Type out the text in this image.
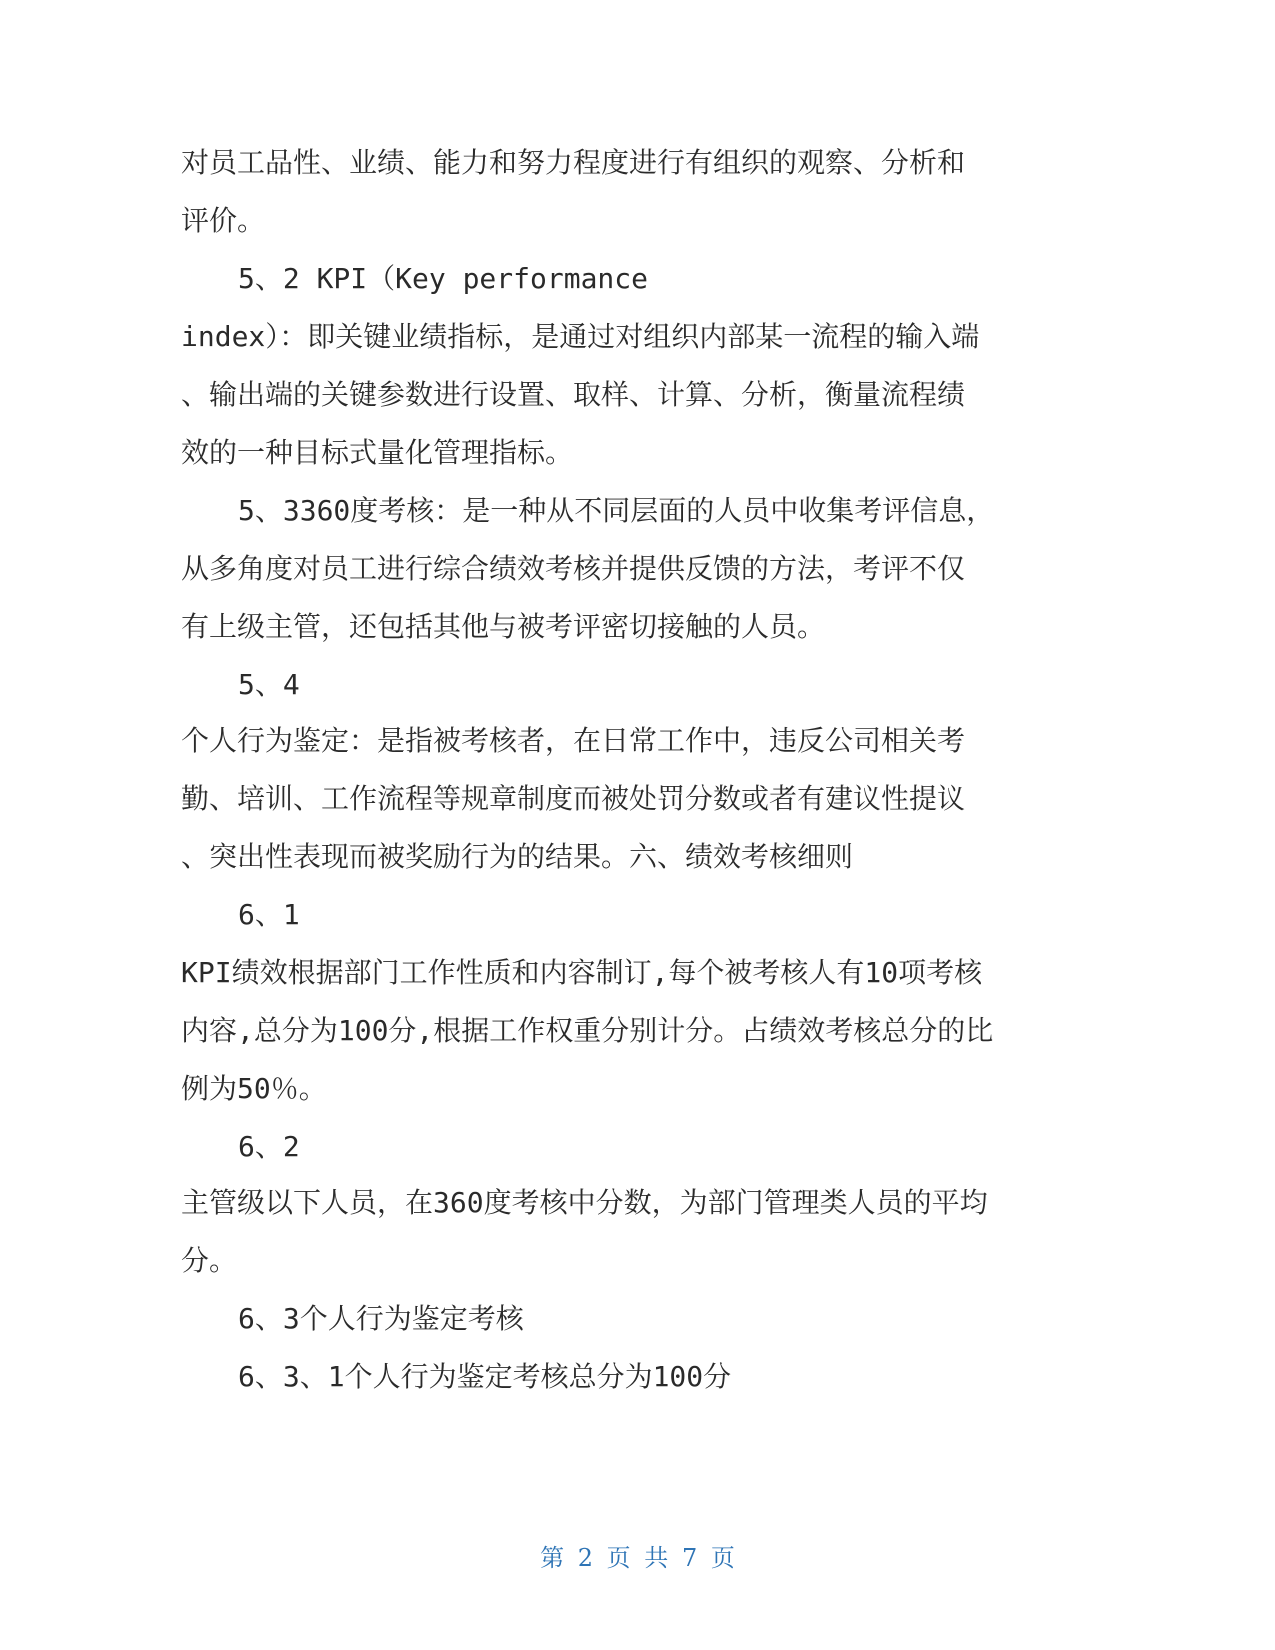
对员工品性、业绩、能力和努力程度进行有组织的观察、分析和
评价。
5、2 KPI（Key performance
index）：即关键业绩指标，是通过对组织内部某一流程的输入端
、输出端的关键参数进行设置、取样、计算、分析，衡量流程绩
效的一种目标式量化管理指标。
5、3360度考核：是一种从不同层面的人员中收集考评信息，
从多角度对员工进行综合绩效考核并提供反馈的方法，考评不仅
有上级主管，还包括其他与被考评密切接触的人员。
5、4
个人行为鉴定：是指被考核者，在日常工作中，违反公司相关考
勤、培训、工作流程等规章制度而被处罚分数或者有建议性提议
、突出性表现而被奖励行为的结果。六、绩效考核细则
6、1
KPI绩效根据部门工作性质和内容制订,每个被考核人有10项考核
内容,总分为100分,根据工作权重分别计分。占绩效考核总分的比
例为50％。
6、2
主管级以下人员，在360度考核中分数，为部门管理类人员的平均
分。
6、3个人行为鉴定考核
6、3、1个人行为鉴定考核总分为100分
第 2 页 共 7 页
